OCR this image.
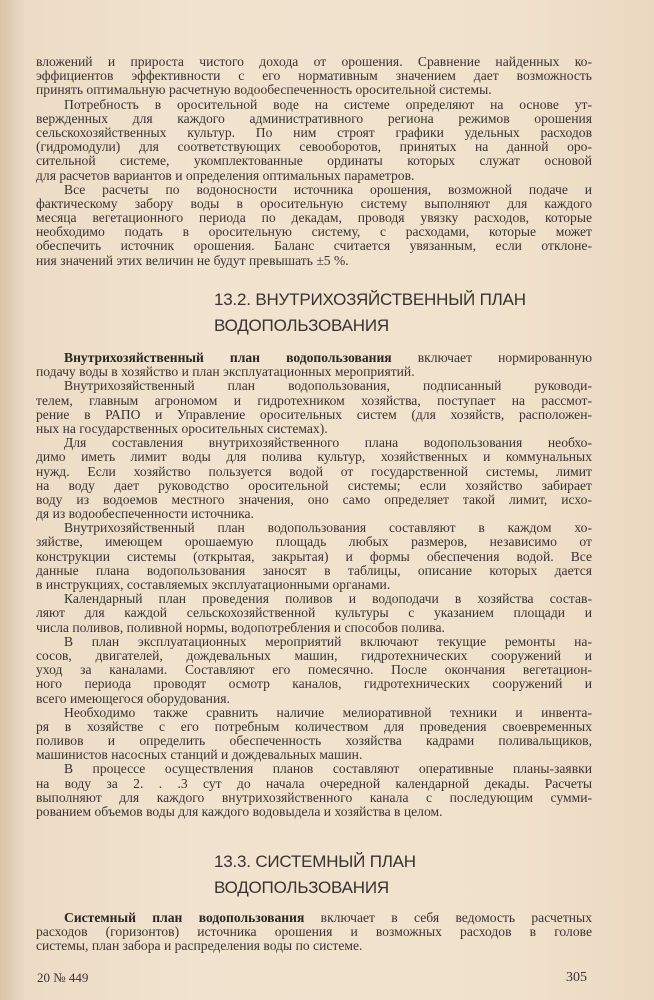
вложений и прироста чистого дохода от орошения. Сравнение найденных ко-
эффициентов эффективности с его нормативным значением дает возможность
принять оптимальную расчетную водообеспеченность оросительной системы.
Потребность в оросительной воде на системе определяют на основе ут-
вержденных для каждого административного региона режимов орошения
сельскохозяйственных культур. По ним строят графики удельных расходов
(гидромодули) для соответствующих севооборотов, принятых на данной оро-
сительной системе, укомплектованные ординаты которых служат основой
для расчетов вариантов и определения оптимальных параметров.
Все расчеты по водоносности источника орошения, возможной подаче и
фактическому забору воды в оросительную систему выполняют для каждого
месяца вегетационного периода по декадам, проводя увязку расходов, которые
необходимо подать в оросительную систему, с расходами, которые может
обеспечить источник орошения. Баланс считается увязанным, если отклоне-
ния значений этих величин не будут превышать ±5 %.
13.2. ВНУТРИХОЗЯЙСТВЕННЫЙ ПЛАН
ВОДОПОЛЬЗОВАНИЯ
Внутрихозяйственный план водопользования включает нормированную
подачу воды в хозяйство и план эксплуатационных мероприятий.
Внутрихозяйственный план водопользования, подписанный руководи-
телем, главным агрономом и гидротехником хозяйства, поступает на рассмот-
рение в РАПО и Управление оросительных систем (для хозяйств, расположен-
ных на государственных оросительных системах).
Для составления внутрихозяйственного плана водопользования необхо-
димо иметь лимит воды для полива культур, хозяйственных и коммунальных
нужд. Если хозяйство пользуется водой от государственной системы, лимит
на воду дает руководство оросительной системы; если хозяйство забирает
воду из водоемов местного значения, оно само определяет такой лимит, исхо-
дя из водообеспеченности источника.
Внутрихозяйственный план водопользования составляют в каждом хо-
зяйстве, имеющем орошаемую площадь любых размеров, независимо от
конструкции системы (открытая, закрытая) и формы обеспечения водой. Все
данные плана водопользования заносят в таблицы, описание которых дается
в инструкциях, составляемых эксплуатационными органами.
Календарный план проведения поливов и водоподачи в хозяйства состав-
ляют для каждой сельскохозяйственной культуры с указанием площади и
числа поливов, поливной нормы, водопотребления и способов полива.
В план эксплуатационных мероприятий включают текущие ремонты на-
сосов, двигателей, дождевальных машин, гидротехнических сооружений и
уход за каналами. Составляют его помесячно. После окончания вегетацион-
ного периода проводят осмотр каналов, гидротехнических сооружений и
всего имеющегося оборудования.
Необходимо также сравнить наличие мелиоративной техники и инвента-
ря в хозяйстве с его потребным количеством для проведения своевременных
поливов и определить обеспеченность хозяйства кадрами поливальщиков,
машинистов насосных станций и дождевальных машин.
В процессе осуществления планов составляют оперативные планы-заявки
на воду за 2. . .3 сут до начала очередной календарной декады. Расчеты
выполняют для каждого внутрихозяйственного канала с последующим сумми-
рованием объемов воды для каждого водовыдела и хозяйства в целом.
13.3. СИСТЕМНЫЙ ПЛАН
ВОДОПОЛЬЗОВАНИЯ
Системный план водопользования включает в себя ведомость расчетных
расходов (горизонтов) источника орошения и возможных расходов в голове
системы, план забора и распределения воды по системе.
20 № 449	305
